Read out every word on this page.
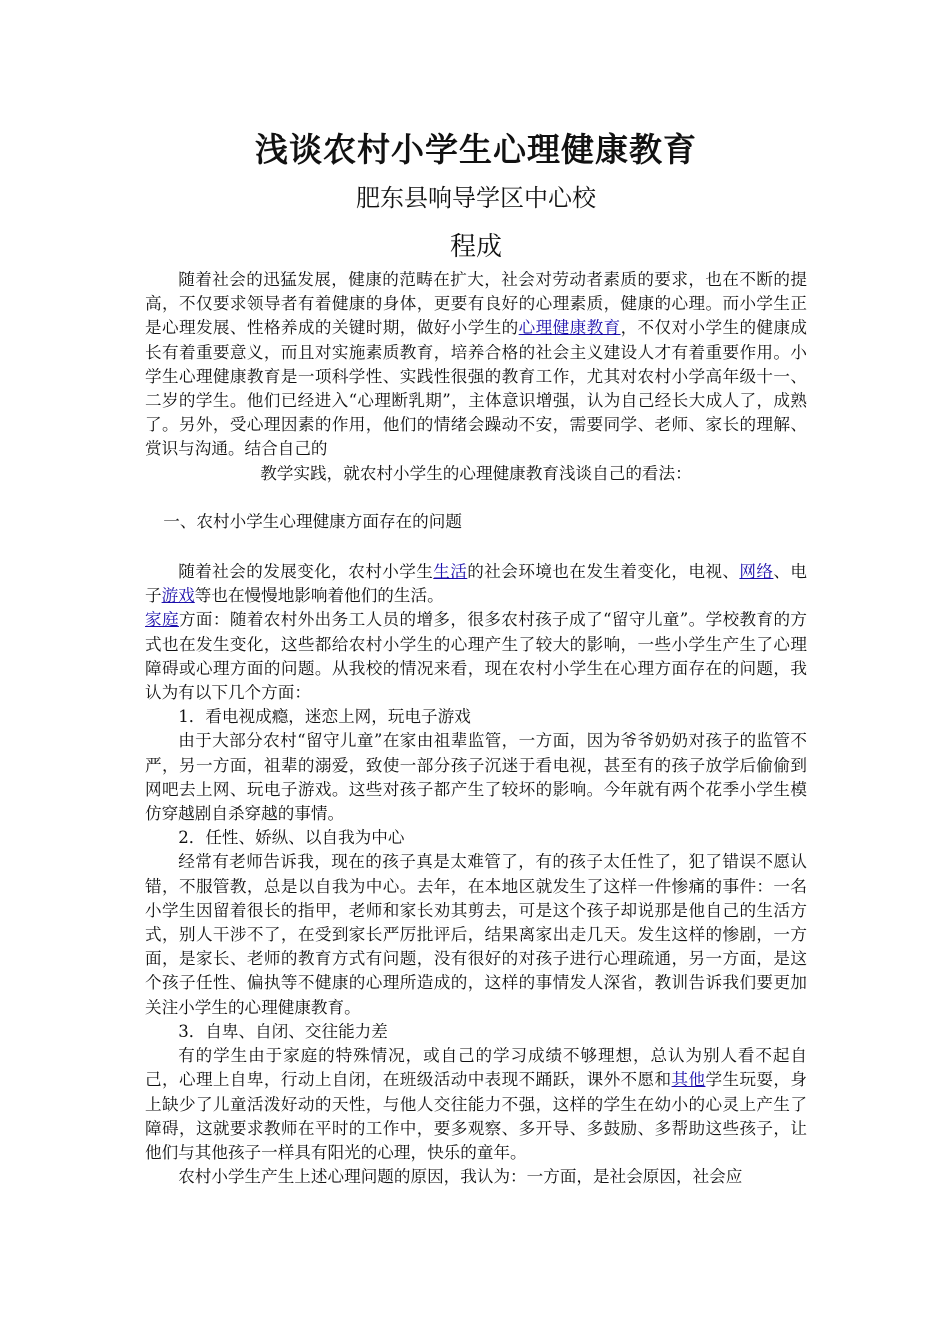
浅谈农村小学生心理健康教育
肥东县响导学区中心校
程成

随着社会的迅猛发展，健康的范畴在扩大，社会对劳动者素质的要求，也在不断的提高，不仅要求领导者有着健康的身体，更要有良好的心理素质，健康的心理。而小学生正是心理发展、性格养成的关键时期，做好小学生的心理健康教育，不仅对小学生的健康成长有着重要意义，而且对实施素质教育，培养合格的社会主义建设人才有着重要作用。小学生心理健康教育是一项科学性、实践性很强的教育工作，尤其对农村小学高年级十一、二岁的学生。他们已经进入“心理断乳期”，主体意识增强，认为自己经长大成人了，成熟了。另外，受心理因素的作用，他们的情绪会躁动不安，需要同学、老师、家长的理解、赏识与沟通。结合自己的

教学实践，就农村小学生的心理健康教育浅谈自己的看法：

一、农村小学生心理健康方面存在的问题

随着社会的发展变化，农村小学生生活的社会环境也在发生着变化，电视、网络、电子游戏等也在慢慢地影响着他们的生活。

家庭方面：随着农村外出务工人员的增多，很多农村孩子成了“留守儿童”。学校教育的方式也在发生变化，这些都给农村小学生的心理产生了较大的影响，一些小学生产生了心理障碍或心理方面的问题。从我校的情况来看，现在农村小学生在心理方面存在的问题，我认为有以下几个方面：

1．看电视成瘾，迷恋上网，玩电子游戏

由于大部分农村“留守儿童”在家由祖辈监管，一方面，因为爷爷奶奶对孩子的监管不严，另一方面，祖辈的溺爱，致使一部分孩子沉迷于看电视，甚至有的孩子放学后偷偷到网吧去上网、玩电子游戏。这些对孩子都产生了较坏的影响。今年就有两个花季小学生模仿穿越剧自杀穿越的事情。

2．任性、娇纵、以自我为中心

经常有老师告诉我，现在的孩子真是太难管了，有的孩子太任性了，犯了错误不愿认错，不服管教，总是以自我为中心。去年，在本地区就发生了这样一件惨痛的事件：一名小学生因留着很长的指甲，老师和家长劝其剪去，可是这个孩子却说那是他自己的生活方式，别人干涉不了，在受到家长严厉批评后，结果离家出走几天。发生这样的惨剧，一方面，是家长、老师的教育方式有问题，没有很好的对孩子进行心理疏通，另一方面，是这个孩子任性、偏执等不健康的心理所造成的，这样的事情发人深省，教训告诉我们要更加关注小学生的心理健康教育。

3．自卑、自闭、交往能力差

有的学生由于家庭的特殊情况，或自己的学习成绩不够理想，总认为别人看不起自己，心理上自卑，行动上自闭，在班级活动中表现不踊跃，课外不愿和其他学生玩耍，身上缺少了儿童活泼好动的天性，与他人交往能力不强，这样的学生在幼小的心灵上产生了障碍，这就要求教师在平时的工作中，要多观察、多开导、多鼓励、多帮助这些孩子，让他们与其他孩子一样具有阳光的心理，快乐的童年。

农村小学生产生上述心理问题的原因，我认为：一方面，是社会原因，社会应
